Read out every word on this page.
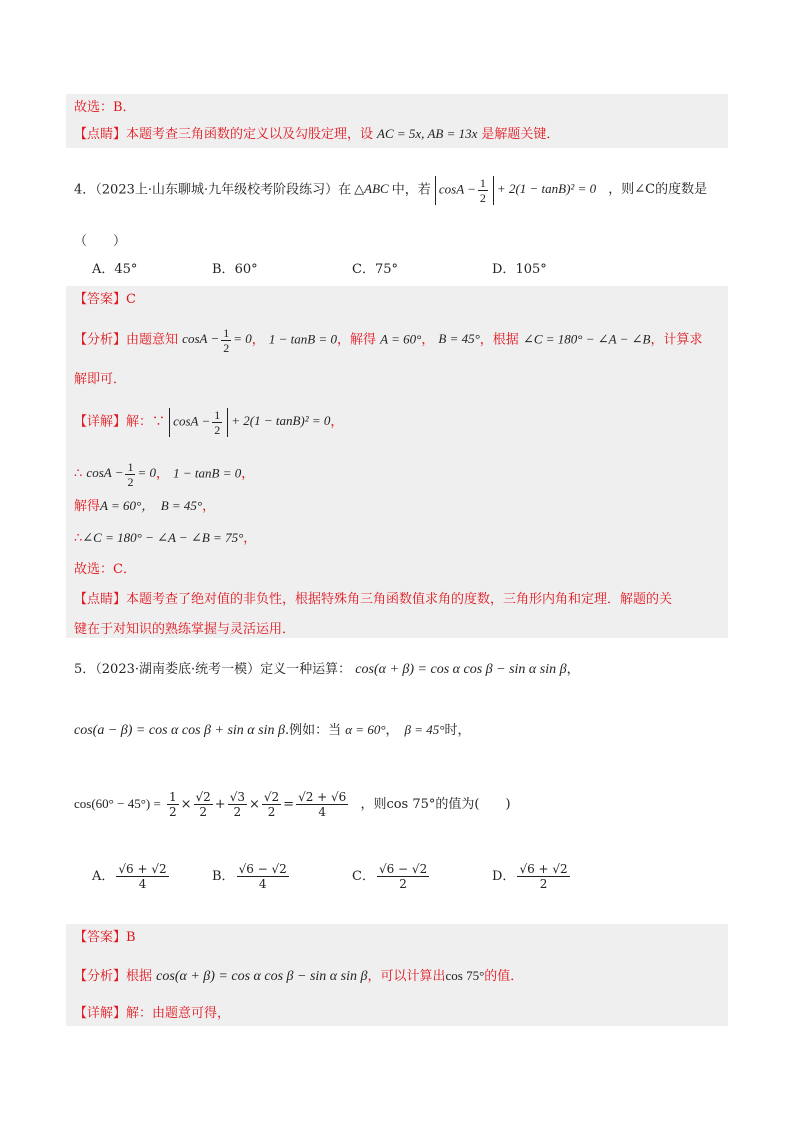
故选：B．
【点睛】本题考查三角函数的定义以及勾股定理，设 AC = 5x, AB = 13x 是解题关键．
4．（2023上·山东聊城·九年级校考阶段练习）在 △ABC 中，若 $\cos A - \frac{1}{2} + 2(1 - \tan B)^2 = 0$ ，则∠C的度数是
（　　）
A．45°	B．60°	C．75°	D．105°
【答案】C
【分析】由题意知 $\cos A - \frac{1}{2} = 0$， 1 − tanB = 0，解得 A = 60°， B = 45°，根据 ∠C = 180° − ∠A − ∠B，计算求
解即可．
【详解】解：∵ $\cos A - \frac{1}{2} + 2(1 - \tan B)^2 = 0$，
∴ $\cos A - \frac{1}{2} = 0$， 1 − tanB = 0，
解得A = 60°，　B = 45°，
∴∠C = 180° − ∠A − ∠B = 75°，
故选：C．
【点睛】本题考查了绝对值的非负性，根据特殊角三角函数值求角的度数，三角形内角和定理．解题的关
键在于对知识的熟练掌握与灵活运用．
5．（2023·湖南娄底·统考一模）定义一种运算： cos(α + β) = cos α cos β − sin α sin β，
cos(a − β) = cos α cos β + sin α sin β.例如：当 α = 60°， β = 45°时，
$\cos(60^\circ - 45^\circ) = \frac{1}{2} \times \frac{√2}{2} + \frac{√3}{2} \times \frac{√2}{2} = \frac{√2 + √6}{4}$ ，则cos 75°的值为(　　)
A． $\frac{√6 + √2}{4}$	B． $\frac{√6 - √2}{4}$	C． $\frac{√6 - √2}{2}$	D． $\frac{√6 + √2}{2}$
【答案】B
【分析】根据 cos(α + β) = cos α cos β − sin α sin β，可以计算出cos 75°的值．
【详解】解：由题意可得，
